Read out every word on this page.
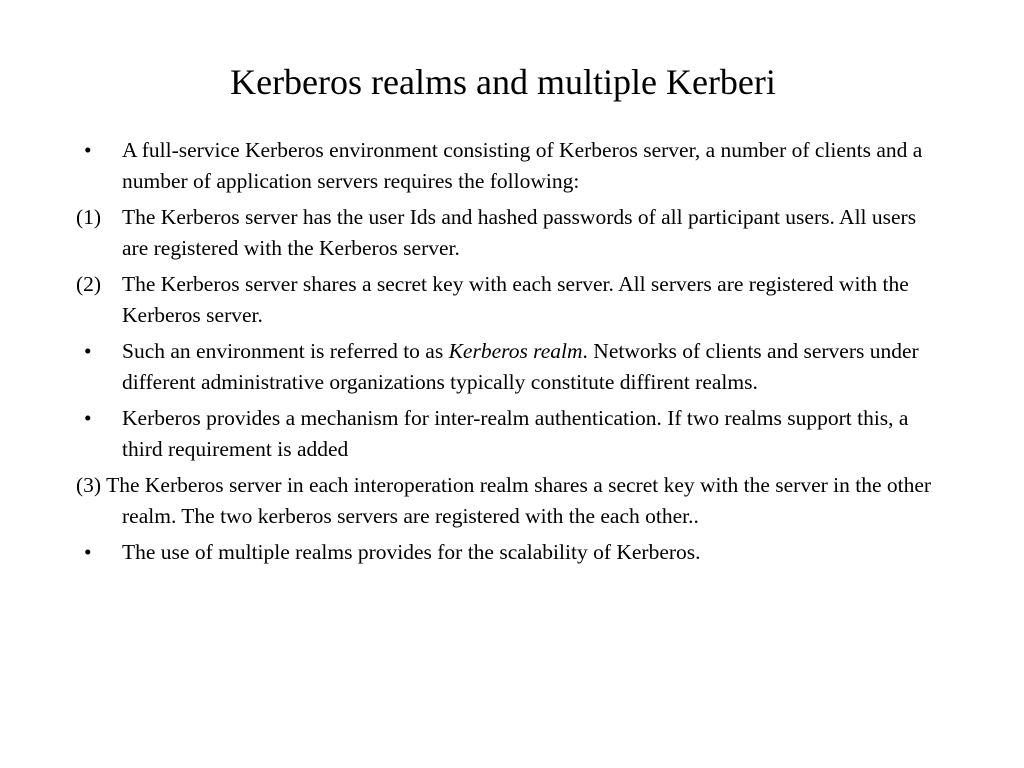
Kerberos realms and multiple Kerberi
•	A full-service Kerberos environment consisting of Kerberos server, a number of clients and a number of application servers requires the following:
(1) The Kerberos server has the user Ids and hashed passwords of all participant users. All users are registered with the Kerberos server.
(2) The Kerberos server shares a secret key with each server. All servers are registered with the Kerberos server.
•	Such an environment is referred to as Kerberos realm. Networks of clients and servers under different administrative organizations typically constitute diffirent realms.
•	Kerberos provides a mechanism for inter-realm authentication. If two realms support this, a third requirement is added
(3) The Kerberos server in each interoperation realm shares a secret key with the server in the other realm. The two kerberos servers are registered with the each other..
•	The use of multiple realms provides for the scalability of Kerberos.
